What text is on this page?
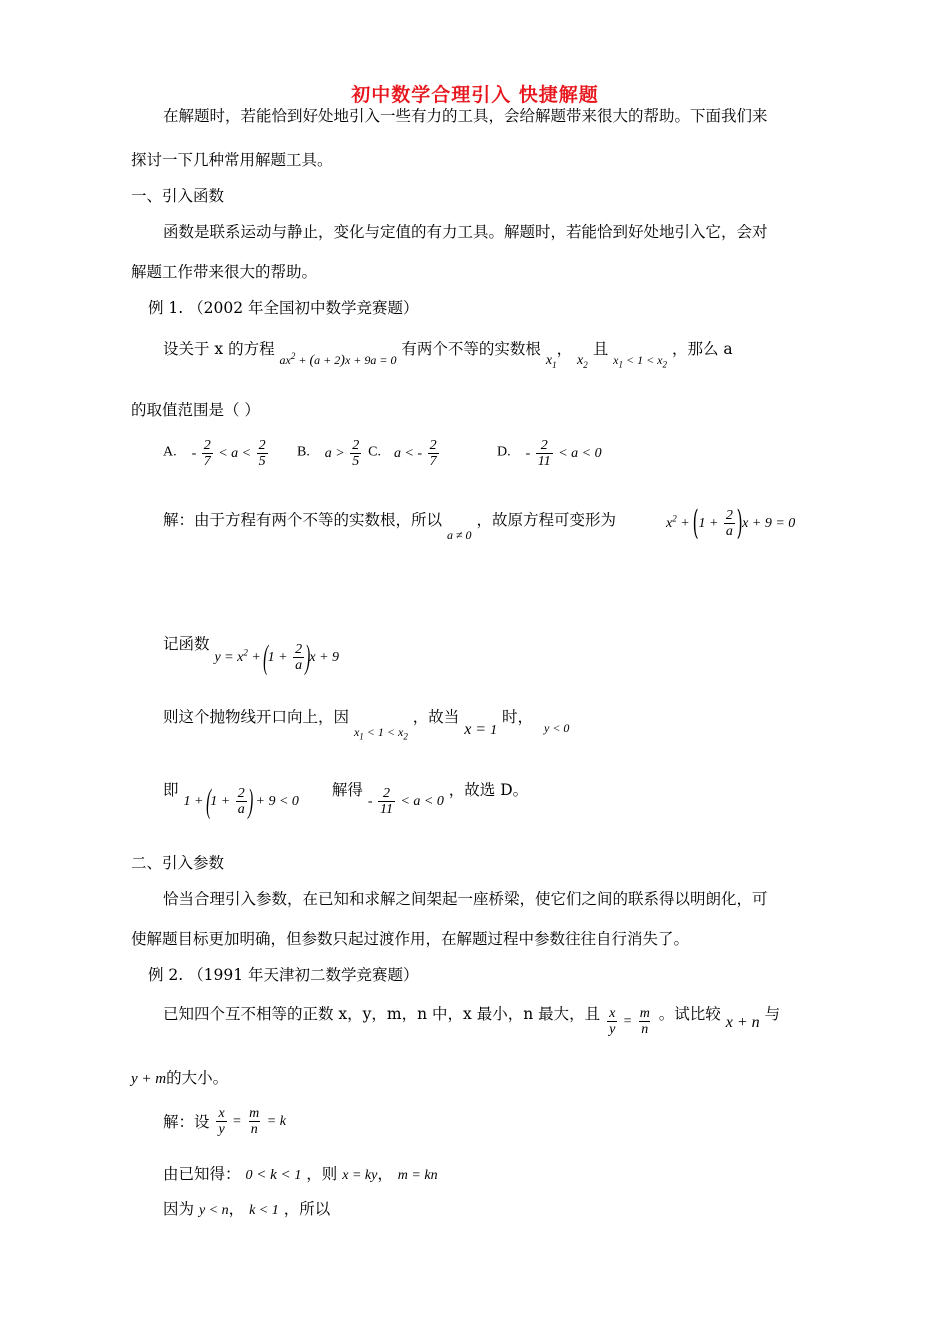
初中数学合理引入 快捷解题
在解题时，若能恰到好处地引入一些有力的工具，会给解题带来很大的帮助。下面我们来
探讨一下几种常用解题工具。
一、引入函数
函数是联系运动与静止，变化与定值的有力工具。解题时，若能恰到好处地引入它，会对
解题工作带来很大的帮助。
例 1. （2002 年全国初中数学竞赛题）
设关于 x 的方程 $_{ax^2 + (a + 2)x + 9a = 0}$ 有两个不等的实数根 $x_1$， $x_2$ 且 $_{x_1 < 1 < x_2}$ ，那么 a
的取值范围是（ ）
A. - $\frac{2}{7} < a < \frac{2}{5} B$. $a > \frac{2}{5} C$. a < - $\frac{2}{7}$	D. - $\frac{2}{11} < a < 0$
解：由于方程有两个不等的实数根，所以 $_{a \ne 0}$ ，故原方程可变形为	$x^2 + (1 + \frac{2}{a} )x + 9 = 0$
记函数 $y = x^2 + (1 + \frac{2}{a} )x + 9$
则这个抛物线开口向上，因 $_{x_1 < 1 < x_2}$ ，故当 x = 1 时， $_{y < 0}$
即 $1 + (1 + \frac{2}{a}$ ) + 9 < 0 解得 - $\frac{2}{11} < a < 0$ ，故选 D。
二、引入参数
恰当合理引入参数，在已知和求解之间架起一座桥梁，使它们之间的联系得以明朗化，可
使解题目标更加明确，但参数只起过渡作用，在解题过程中参数往往自行消失了。
例 2. （1991 年天津初二数学竞赛题）
已知四个互不相等的正数 x，y，m，n 中，x 最小，n 最大，且 $\frac{x}{y} = \frac{m}{n}$ 。试比较 x + n 与
y + m的大小。
解：设 $\frac{x}{y} = \frac{m}{n} = k$
由已知得： 0 < k < 1 ，则 x = ky， m = kn
因为 y < n， k < 1 ，所以
